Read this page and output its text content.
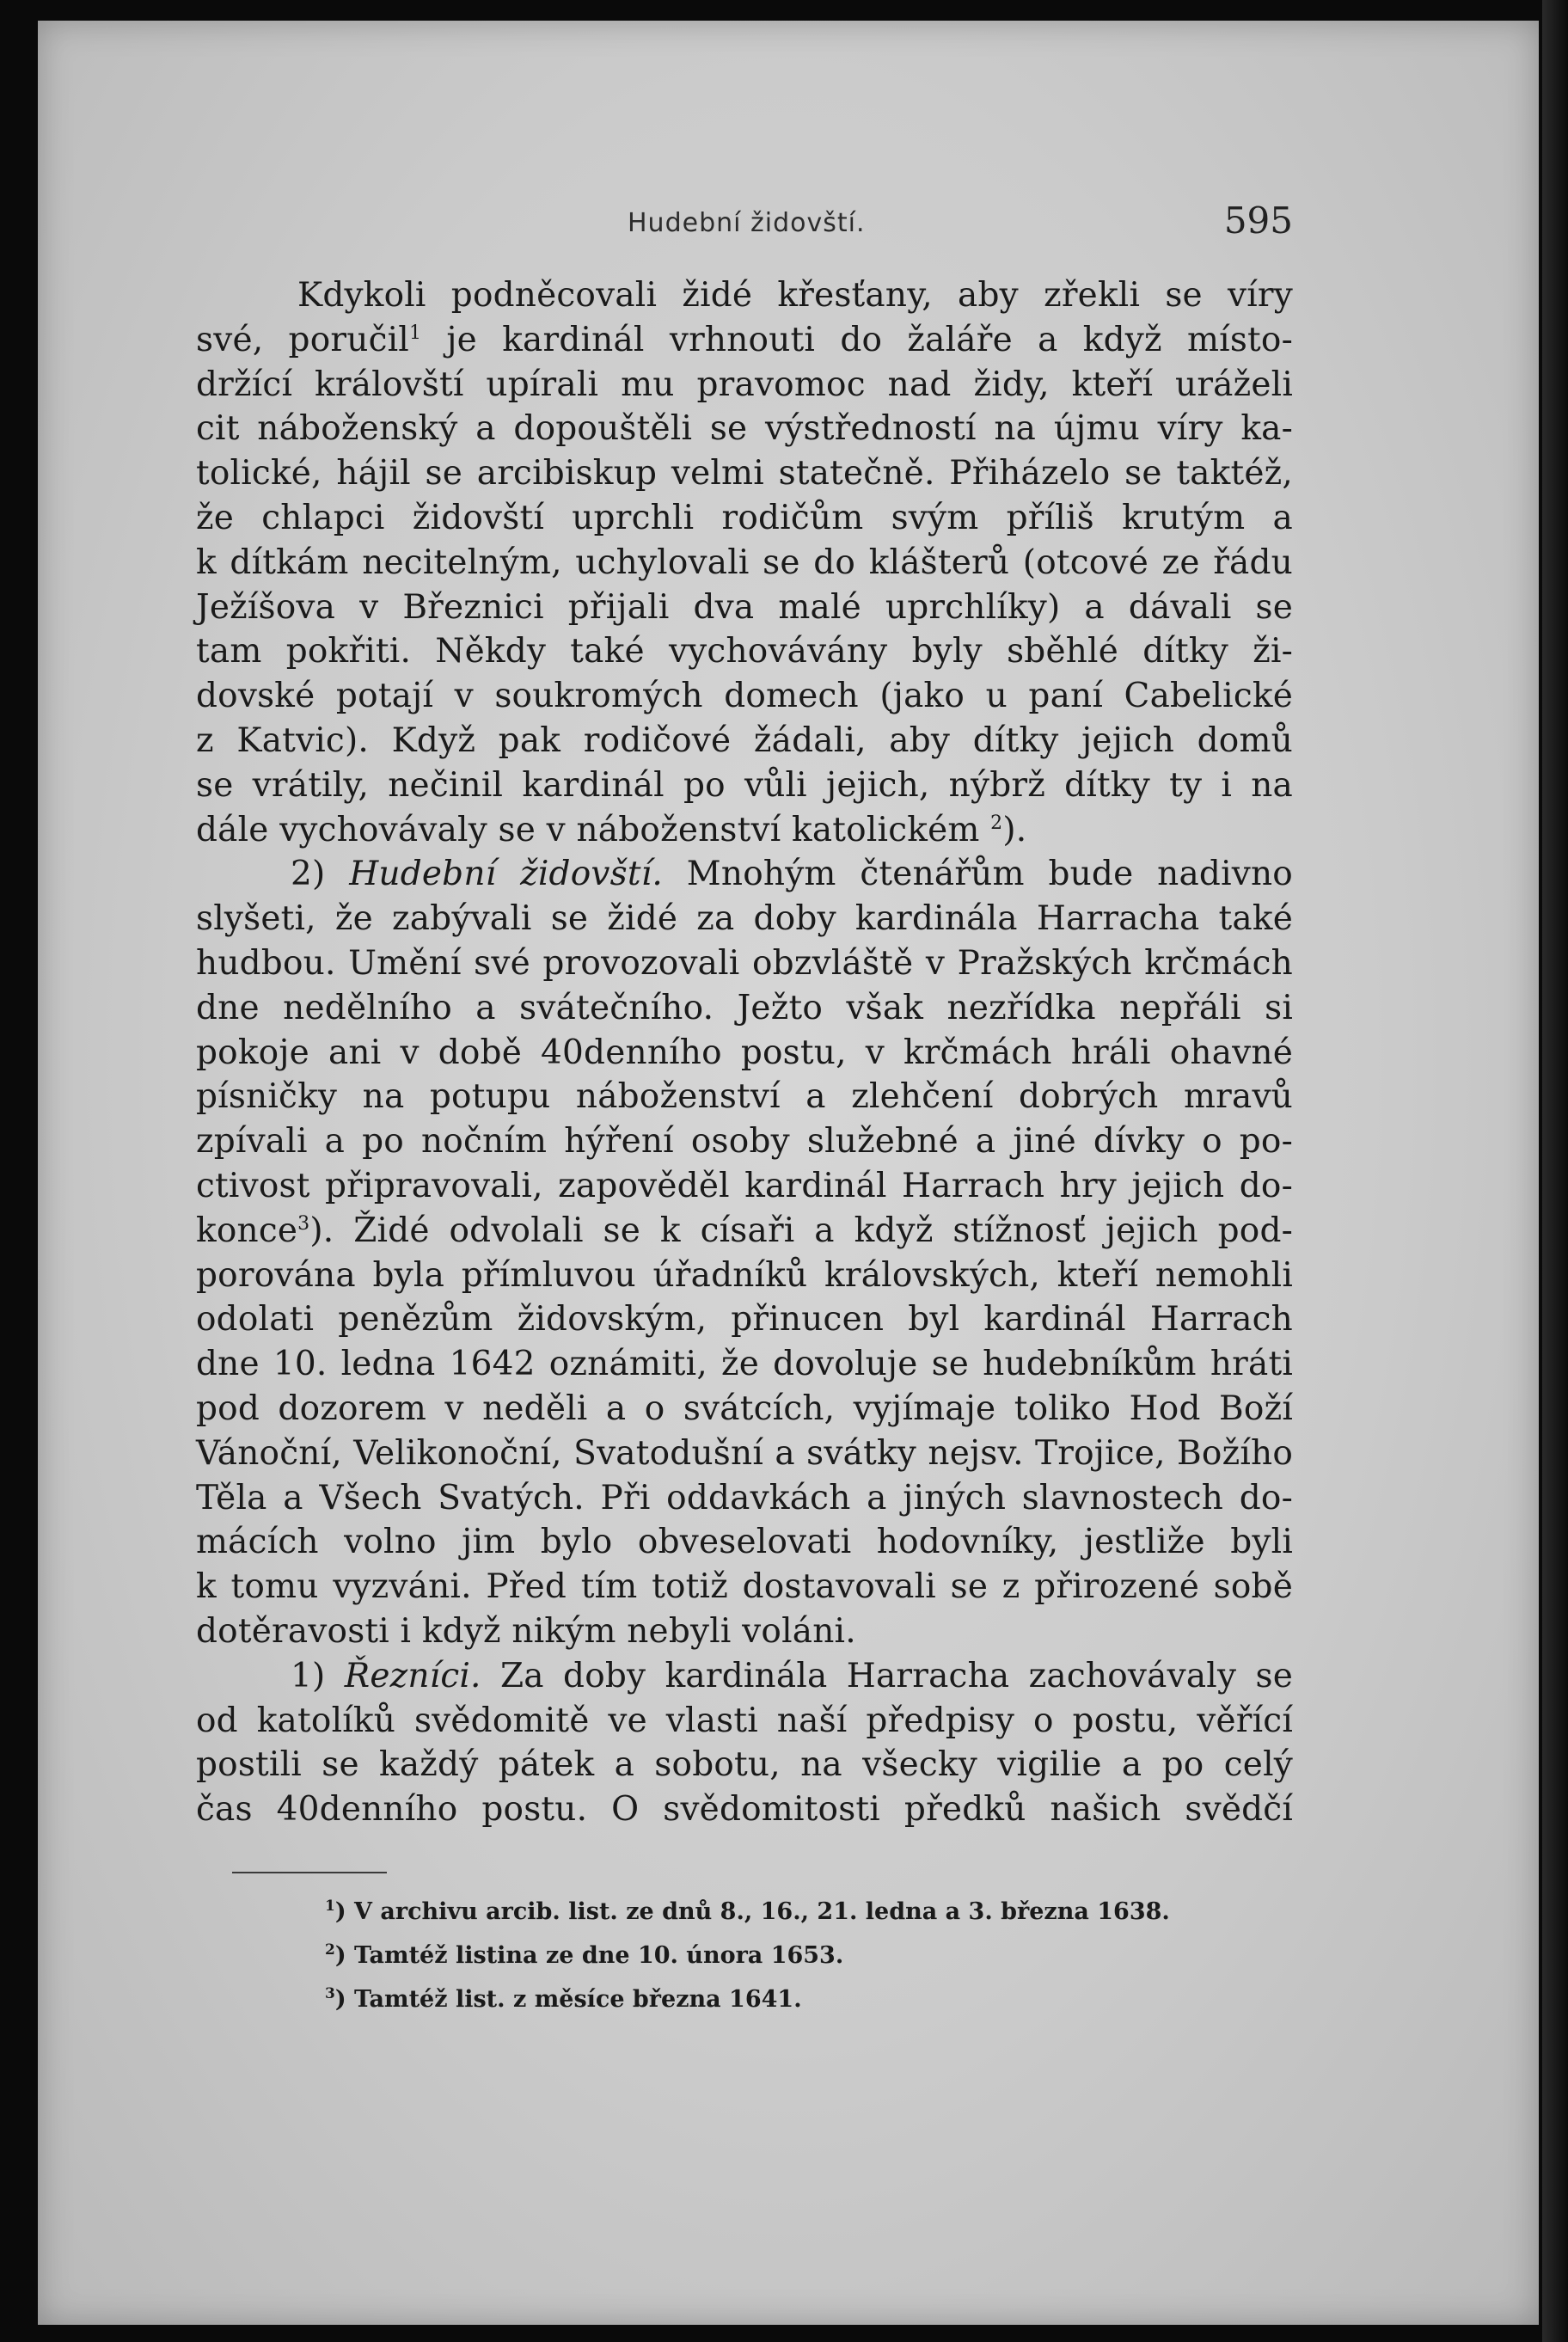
Hudební židovští.	595
Kdykoli podněcovali židé křesťany, aby zřekli se víry
své, poručil$^1$ je kardinál vrhnouti do žaláře a když místo-
držící královští upírali mu pravomoc nad židy, kteří uráželi
cit náboženský a dopouštěli se výstředností na újmu víry ka-
tolické, hájil se arcibiskup velmi statečně. Přiházelo se taktéž,
že chlapci židovští uprchli rodičům svým příliš krutým a
k dítkám necitelným, uchylovali se do klášterů (otcové ze řádu
Ježíšova v Březnici přijali dva malé uprchlíky) a dávali se
tam pokřiti. Někdy také vychovávány byly sběhlé dítky ži-
dovské potají v soukromých domech (jako u paní Cabelické
z Katvic). Když pak rodičové žádali, aby dítky jejich domů
se vrátily, nečinil kardinál po vůli jejich, nýbrž dítky ty i na
dále vychovávaly se v náboženství katolickém $^2$).
2) Hudební židovští. Mnohým čtenářům bude nadivno
slyšeti, že zabývali se židé za doby kardinála Harracha také
hudbou. Umění své provozovali obzvláště v Pražských krčmách
dne nedělního a svátečního. Ježto však nezřídka nepřáli si
pokoje ani v době 40denního postu, v krčmách hráli ohavné
písničky na potupu náboženství a zlehčení dobrých mravů
zpívali a po nočním hýření osoby služebné a jiné dívky o po-
ctivost připravovali, zapověděl kardinál Harrach hry jejich do-
konce$^3$). Židé odvolali se k císaři a když stížnosť jejich pod-
porována byla přímluvou úřadníků královských, kteří nemohli
odolati penězům židovským, přinucen byl kardinál Harrach
dne 10. ledna 1642 oznámiti, že dovoluje se hudebníkům hráti
pod dozorem v neděli a o svátcích, vyjímaje toliko Hod Boží
Vánoční, Velikonoční, Svatodušní a svátky nejsv. Trojice, Božího
Těla a Všech Svatých. Při oddavkách a jiných slavnostech do-
mácích volno jim bylo obveselovati hodovníky, jestliže byli
k tomu vyzváni. Před tím totiž dostavovali se z přirozené sobě
dotěravosti i když nikým nebyli voláni.
1) Řezníci. Za doby kardinála Harracha zachovávaly se
od katolíků svědomitě ve vlasti naší předpisy o postu, věřící
postili se každý pátek a sobotu, na všecky vigilie a po celý
čas 40denního postu. O svědomitosti předků našich svědčí
$^1$) V archivu arcib. list. ze dnů 8., 16., 21. ledna a 3. března 1638.
$^2$) Tamtéž listina ze dne 10. února 1653.
$^3$) Tamtéž list. z měsíce března 1641.
